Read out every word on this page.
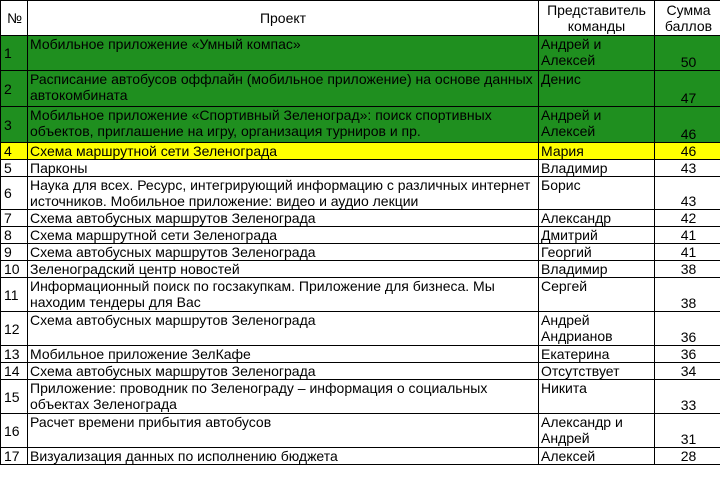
№	Проект	Представитель команды	Сумма баллов
1	Мобильное приложение «Умный компас»	Андрей и Алексей	50
2	Расписание автобусов оффлайн (мобильное приложение) на основе данных автокомбината	Денис	47
3	Мобильное приложение «Спортивный Зеленоград»: поиск спортивных объектов, приглашение на игру, организация турниров и пр.	Андрей и Алексей	46
4	Схема маршрутной сети Зеленограда	Мария	46
5	Парконы	Владимир	43
6	Наука для всех. Ресурс, интегрирующий информацию с различных интернет источников. Мобильное приложение: видео и аудио лекции	Борис	43
7	Схема автобусных маршрутов Зеленограда	Александр	42
8	Схема маршрутной сети Зеленограда	Дмитрий	41
9	Схема автобусных маршрутов Зеленограда	Георгий	41
10	Зеленоградский центр новостей	Владимир	38
11	Информационный поиск по госзакупкам. Приложение для бизнеса. Мы находим тендеры для Вас	Сергей	38
12	Схема автобусных маршрутов Зеленограда	Андрей Андрианов	36
13	Мобильное приложение ЗелКафе	Екатерина	36
14	Схема автобусных маршрутов Зеленограда	Отсутствует	34
15	Приложение: проводник по Зеленограду – информация о социальных объектах Зеленограда	Никита	33
16	Расчет времени прибытия автобусов	Александр и Андрей	31
17	Визуализация данных по исполнению бюджета	Алексей	28
